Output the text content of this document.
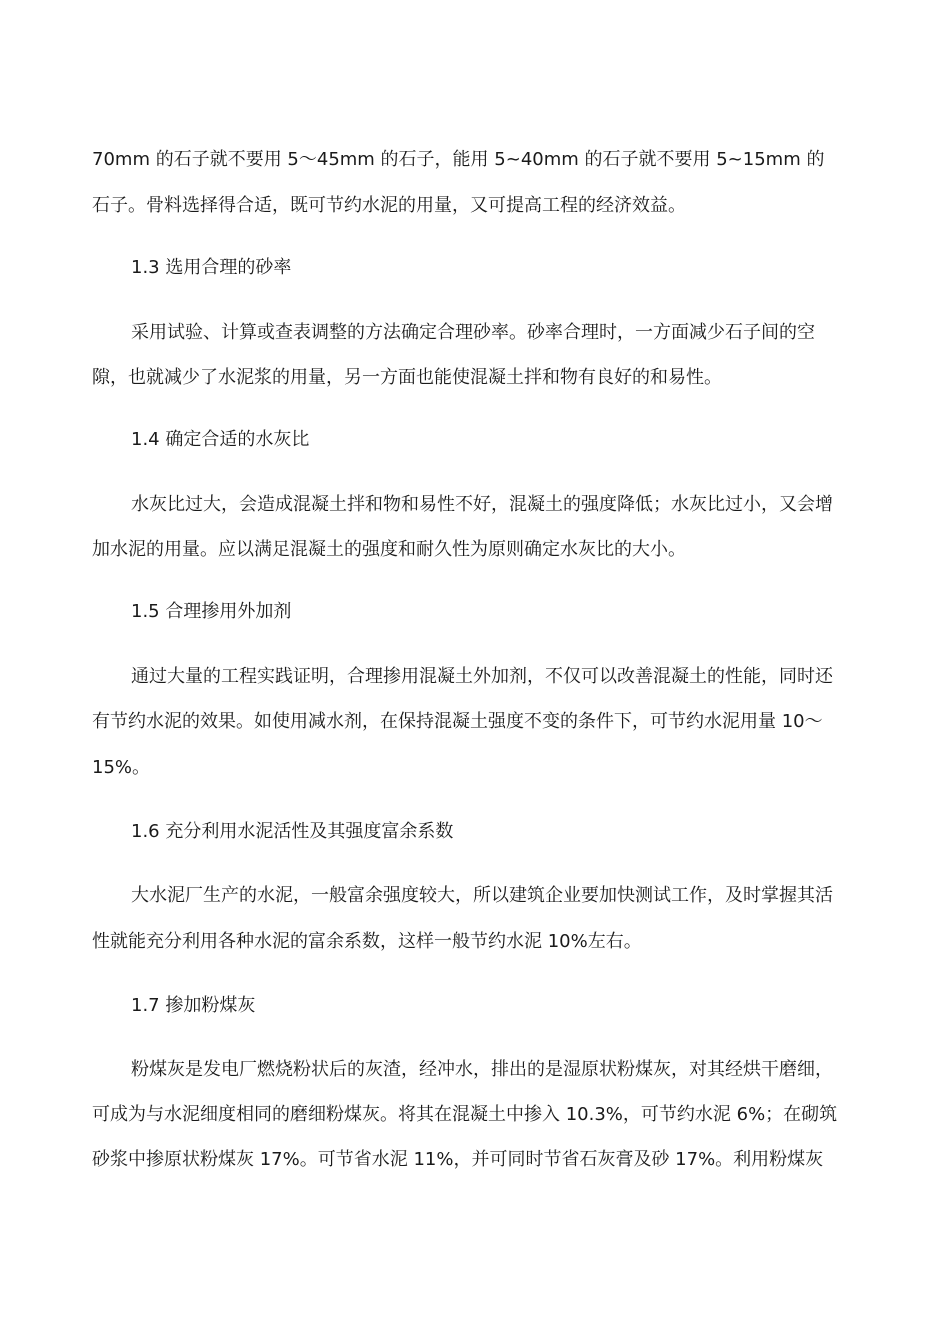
70mm 的石子就不要用 5～45mm 的石子，能用 5~40mm 的石子就不要用 5~15mm 的
石子。骨料选择得合适，既可节约水泥的用量，又可提高工程的经济效益。
1.3 选用合理的砂率
采用试验、计算或查表调整的方法确定合理砂率。砂率合理时，一方面减少石子间的空
隙，也就减少了水泥浆的用量，另一方面也能使混凝土拌和物有良好的和易性。
1.4 确定合适的水灰比
水灰比过大，会造成混凝土拌和物和易性不好，混凝土的强度降低；水灰比过小，又会增
加水泥的用量。应以满足混凝土的强度和耐久性为原则确定水灰比的大小。
1.5 合理掺用外加剂
通过大量的工程实践证明，合理掺用混凝土外加剂，不仅可以改善混凝土的性能，同时还
有节约水泥的效果。如使用减水剂，在保持混凝土强度不变的条件下，可节约水泥用量 10～
15%。
1.6 充分利用水泥活性及其强度富余系数
大水泥厂生产的水泥，一般富余强度较大，所以建筑企业要加快测试工作，及时掌握其活
性就能充分利用各种水泥的富余系数，这样一般节约水泥 10%左右。
1.7 掺加粉煤灰
粉煤灰是发电厂燃烧粉状后的灰渣，经冲水，排出的是湿原状粉煤灰，对其经烘干磨细，
可成为与水泥细度相同的磨细粉煤灰。将其在混凝土中掺入 10.3%，可节约水泥 6%；在砌筑
砂浆中掺原状粉煤灰 17%。可节省水泥 11%，并可同时节省石灰膏及砂 17%。利用粉煤灰
